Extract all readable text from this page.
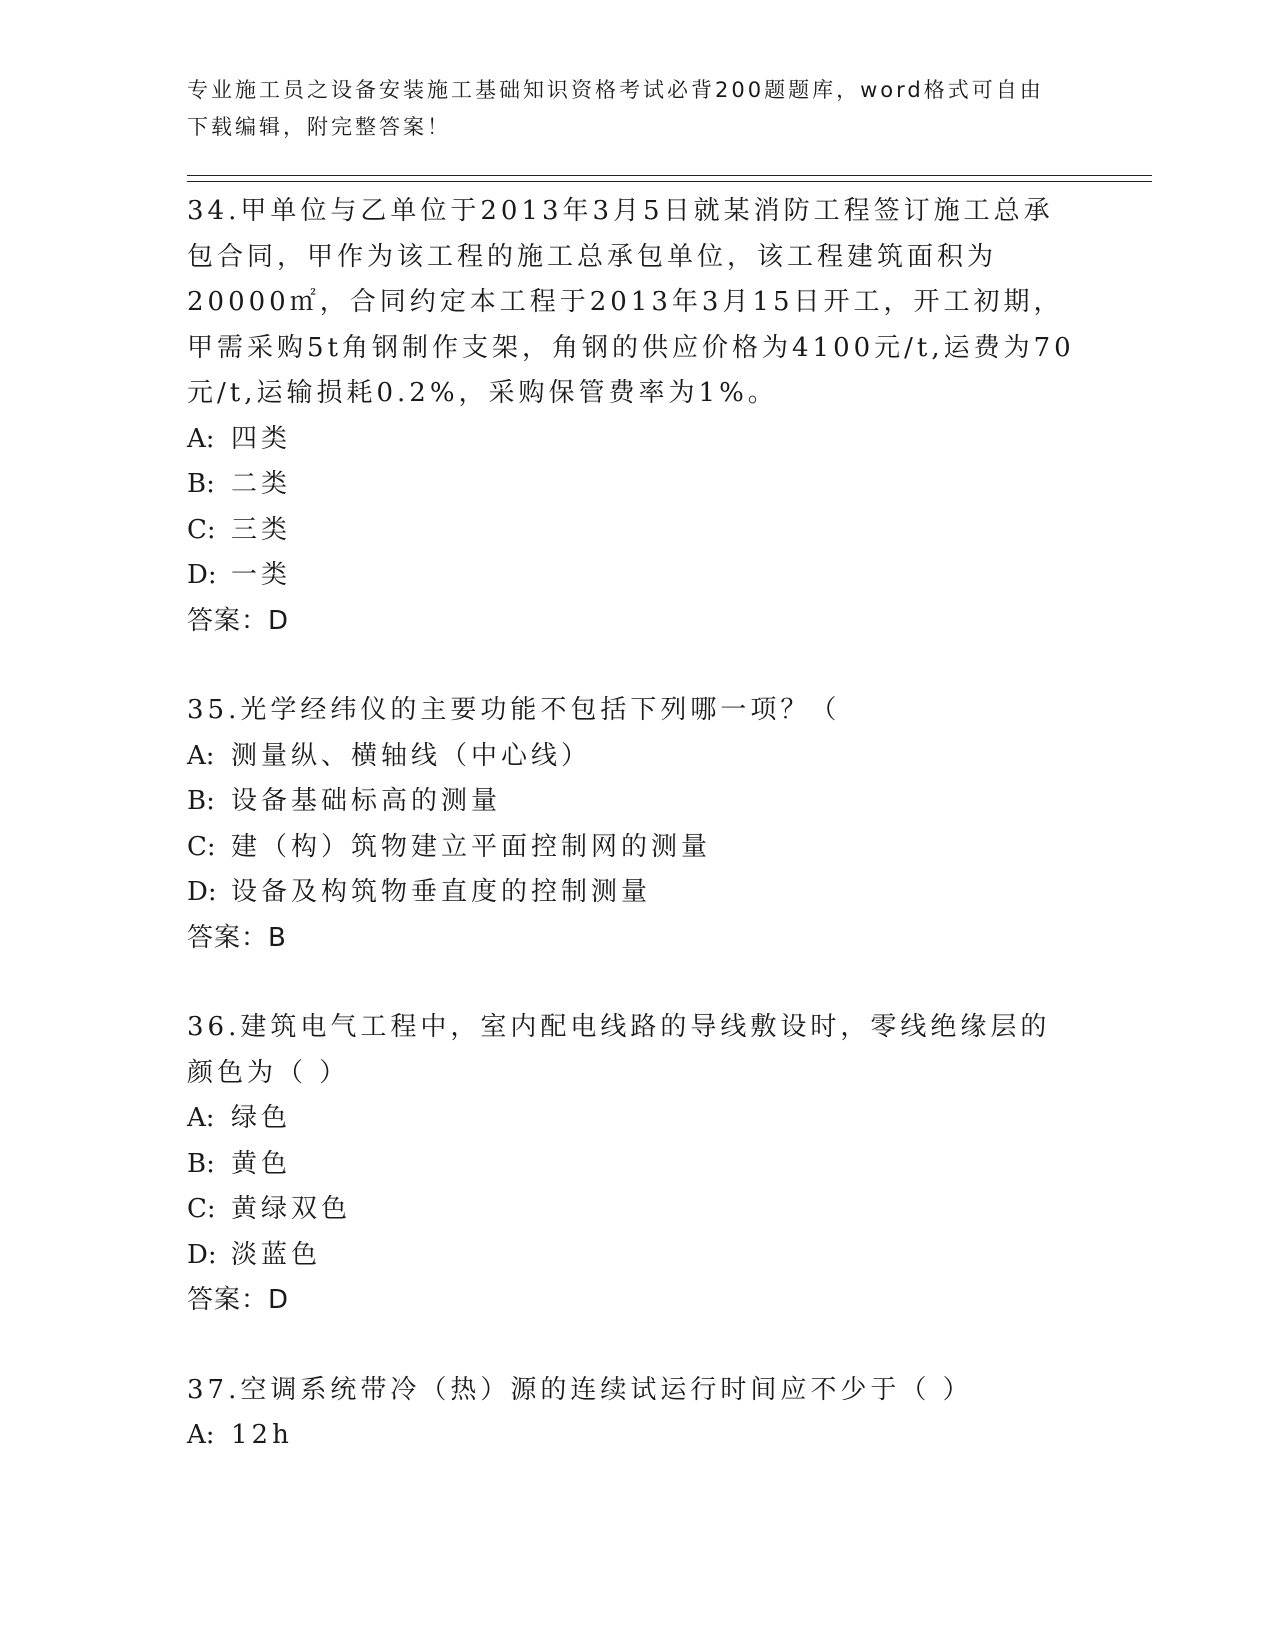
专业施工员之设备安装施工基础知识资格考试必背200题题库，word格式可自由下载编辑，附完整答案！

34.甲单位与乙单位于2013年3月5日就某消防工程签订施工总承包合同，甲作为该工程的施工总承包单位，该工程建筑面积为20000㎡，合同约定本工程于2013年3月15日开工，开工初期，甲需采购5t角钢制作支架，角钢的供应价格为4100元/t,运费为70元/t,运输损耗0.2%，采购保管费率为1%。

A: 四类

B: 二类

C: 三类

D: 一类

答案：D

35.光学经纬仪的主要功能不包括下列哪一项？（

A: 测量纵、横轴线（中心线）

B: 设备基础标高的测量

C: 建（构）筑物建立平面控制网的测量

D: 设备及构筑物垂直度的控制测量

答案：B

36.建筑电气工程中，室内配电线路的导线敷设时，零线绝缘层的颜色为（ ）

A: 绿色

B: 黄色

C: 黄绿双色

D: 淡蓝色

答案：D

37.空调系统带冷（热）源的连续试运行时间应不少于（ ）

A: 12h
